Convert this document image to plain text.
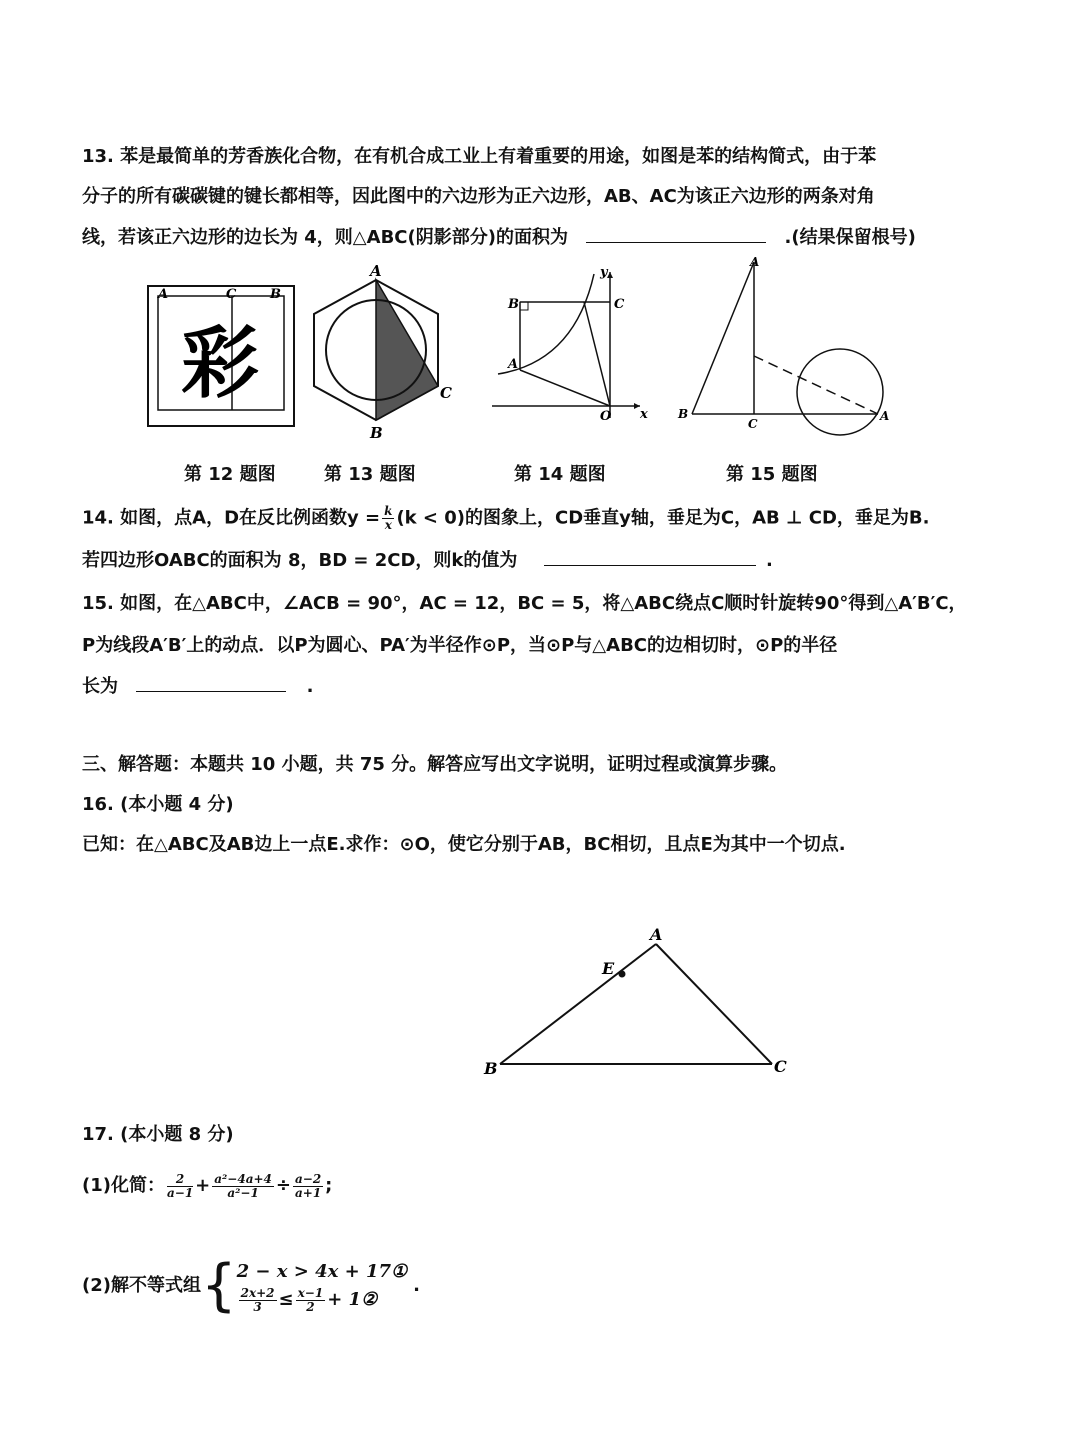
13. 苯是最简单的芳香族化合物，在有机合成工业上有着重要的用途，如图是苯的结构简式，由于苯
分子的所有碳碳键的键长都相等，因此图中的六边形为正六边形，AB、AC为该正六边形的两条对角
线，若该正六边形的边长为 4，则△ABC(阴影部分)的面积为	.(结果保留根号)
彩
A	C	B
A
B
C
B	C
A
O x
y
A
B
C
A
第 12 题图	第 13 题图	第 14 题图	第 15 题图
14. 如图，点A，D在反比例函数$y = \frac{k}{x} (k < 0)$的图象上，CD垂直y轴，垂足为C，AB ⊥ CD，垂足为B.
若四边形OABC的面积为 8，BD = 2CD，则k的值为	.
15. 如图，在△ABC中，∠ACB = 90°，AC = 12，BC = 5，将△ABC绕点C顺时针旋转90°得到△A′B′C，
P为线段A′B′上的动点．以P为圆心、PA′为半径作⊙P，当⊙P与△ABC的边相切时，⊙P的半径
长为	.
三、解答题：本题共 10 小题，共 75 分。解答应写出文字说明，证明过程或演算步骤。
16. (本小题 4 分)
已知：在△ABC及AB边上一点E.求作：⊙O，使它分别于AB，BC相切，且点E为其中一个切点.
A
E
B	C
17. (本小题 8 分)
(1)化简： $\frac{2}{a-1} + \frac{\text{a²−4a+4}}{\text{a²−1}} \div \frac{a-2}{a+1}$ ;
(2)解不等式组{ 2 − x > 4x + 17①
$\frac{2x+2}{3} \le \frac{x-1}{2}$ + 1②
.
